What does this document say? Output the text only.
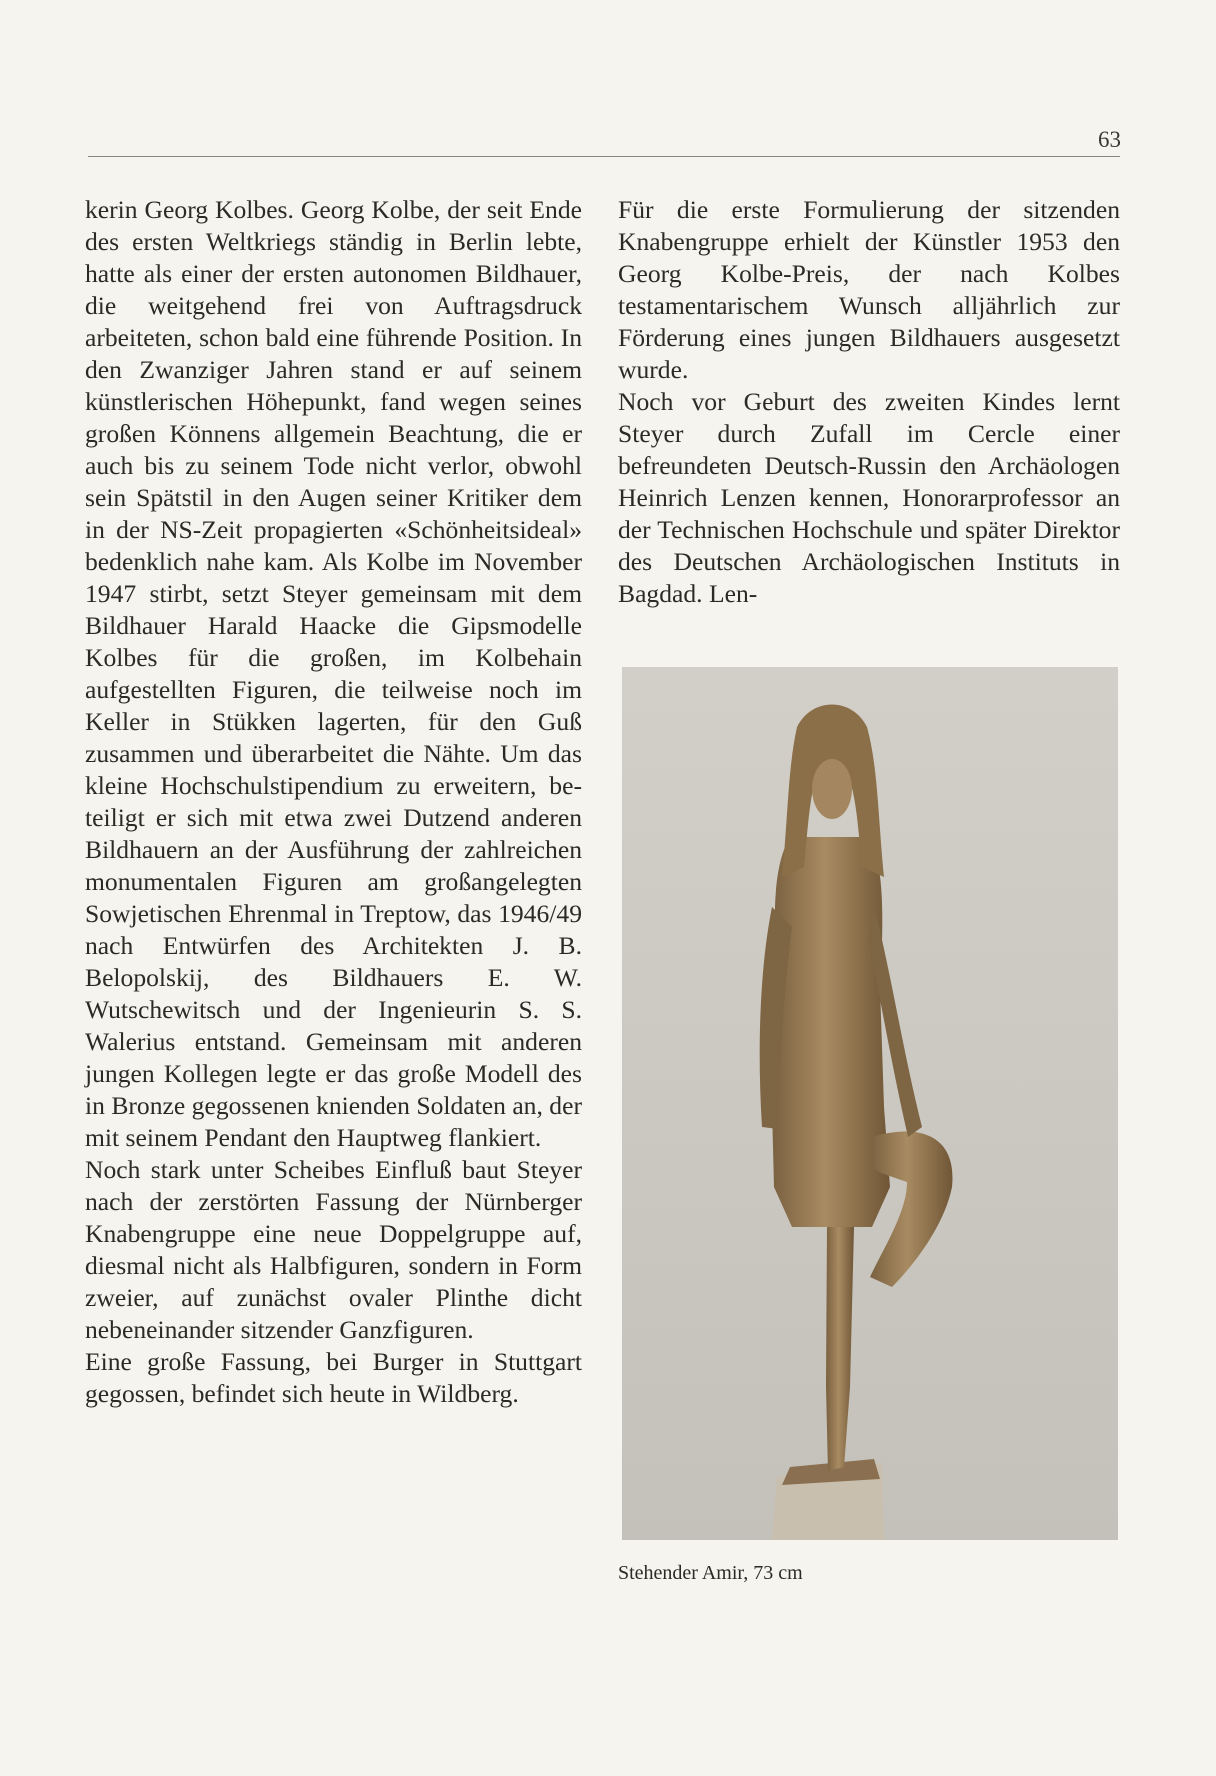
63

kerin Georg Kolbes. Georg Kolbe, der seit Ende des ersten Weltkriegs ständig in Berlin lebte, hatte als einer der ersten autonomen Bildhauer, die weitgehend frei von Auftragsdruck arbeiteten, schon bald eine führende Position. In den Zwanziger Jahren stand er auf seinem künstlerischen Höhepunkt, fand wegen seines großen Könnens allgemein Beachtung, die er auch bis zu seinem Tode nicht verlor, obwohl sein Spätstil in den Augen seiner Kritiker dem in der NS-Zeit propagierten «Schönheitsideal» bedenklich nahe kam. Als Kolbe im November 1947 stirbt, setzt Steyer gemeinsam mit dem Bildhauer Harald Haacke die Gipsmodelle Kolbes für die großen, im Kolbehain aufgestellten Figuren, die teilweise noch im Keller in Stükken lagerten, für den Guß zusammen und überarbeitet die Nähte. Um das kleine Hochschulstipendium zu erweitern, beteiligt er sich mit etwa zwei Dutzend anderen Bildhauern an der Ausführung der zahlreichen monumentalen Figuren am großangelegten Sowjetischen Ehrenmal in Treptow, das 1946/49 nach Entwürfen des Architekten J. B. Belopolskij, des Bildhauers E. W. Wutschewitsch und der Ingenieurin S. S. Walerius entstand. Gemeinsam mit anderen jungen Kollegen legte er das große Modell des in Bronze gegossenen knienden Soldaten an, der mit seinem Pendant den Hauptweg flankiert.

Noch stark unter Scheibes Einfluß baut Steyer nach der zerstörten Fassung der Nürnberger Knabengruppe eine neue Doppelgruppe auf, diesmal nicht als Halbfiguren, sondern in Form zweier, auf zunächst ovaler Plinthe dicht nebeneinander sitzender Ganzfiguren.

Eine große Fassung, bei Burger in Stuttgart gegossen, befindet sich heute in Wildberg.

Für die erste Formulierung der sitzenden Knabengruppe erhielt der Künstler 1953 den Georg Kolbe-Preis, der nach Kolbes testamentarischem Wunsch alljährlich zur Förderung eines jungen Bildhauers ausgesetzt wurde.

Noch vor Geburt des zweiten Kindes lernt Steyer durch Zufall im Cercle einer befreundeten Deutsch-Russin den Archäologen Heinrich Lenzen kennen, Honorarprofessor an der Technischen Hochschule und später Direktor des Deutschen Archäologischen Instituts in Bagdad. Len-

Stehender Amir, 73 cm
